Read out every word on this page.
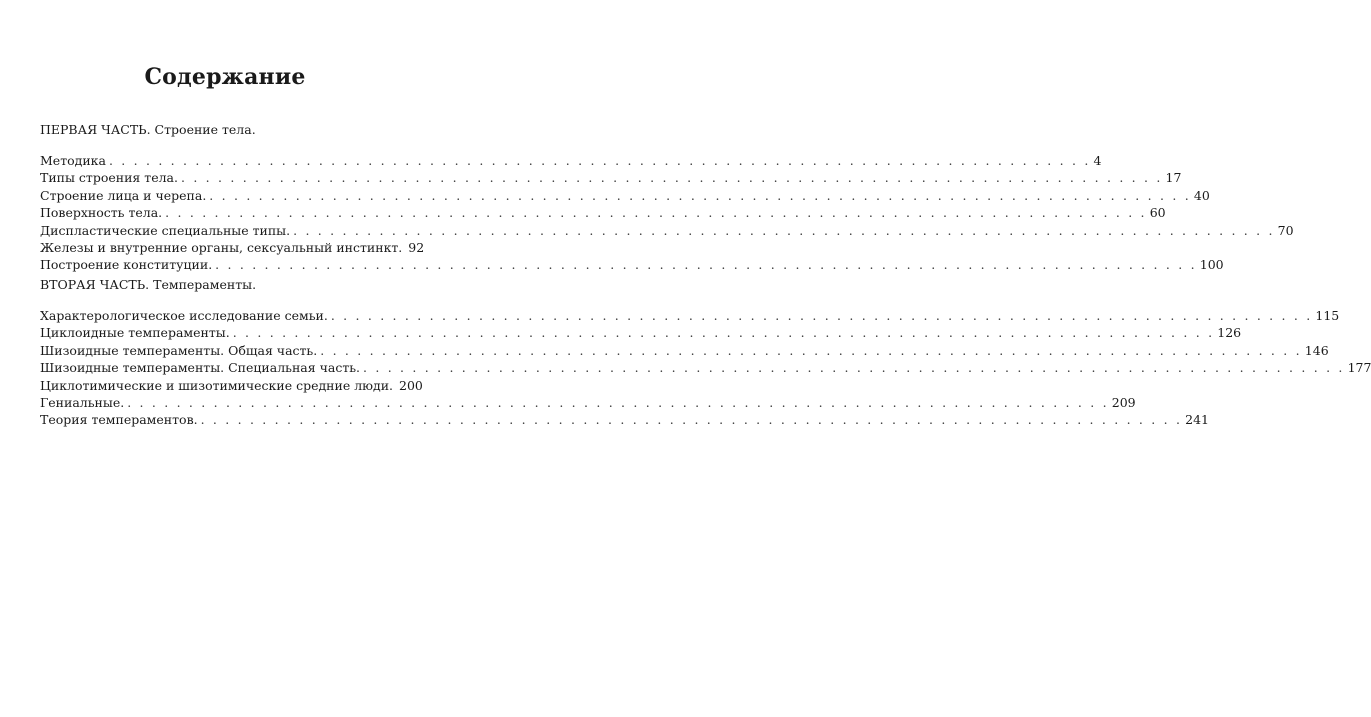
Содержание
ПЕРВАЯ ЧАСТЬ. Строение тела.
Методика . . .	4
Типы строения тела. . . .	17
Строение лица и черепа. . . .	40
Поверхность тела. . . .	60
Диспластические специальные типы. . . .	70
Железы и внутренние органы, сексуальный инстинкт. 92
Построение конституции. . . .	100
ВТОРАЯ ЧАСТЬ. Темпераменты.
Характерологическое исследование семьи. . . .	115
Циклоидные темпераменты. . . .	126
Шизоидные темпераменты. Общая часть. . . .	146
Шизоидные темпераменты. Специальная часть. . . .	177
Циклотимические и шизотимические средние люди. 200
Гениальные. . . .	209
Теория темпераментов. . . .	241
